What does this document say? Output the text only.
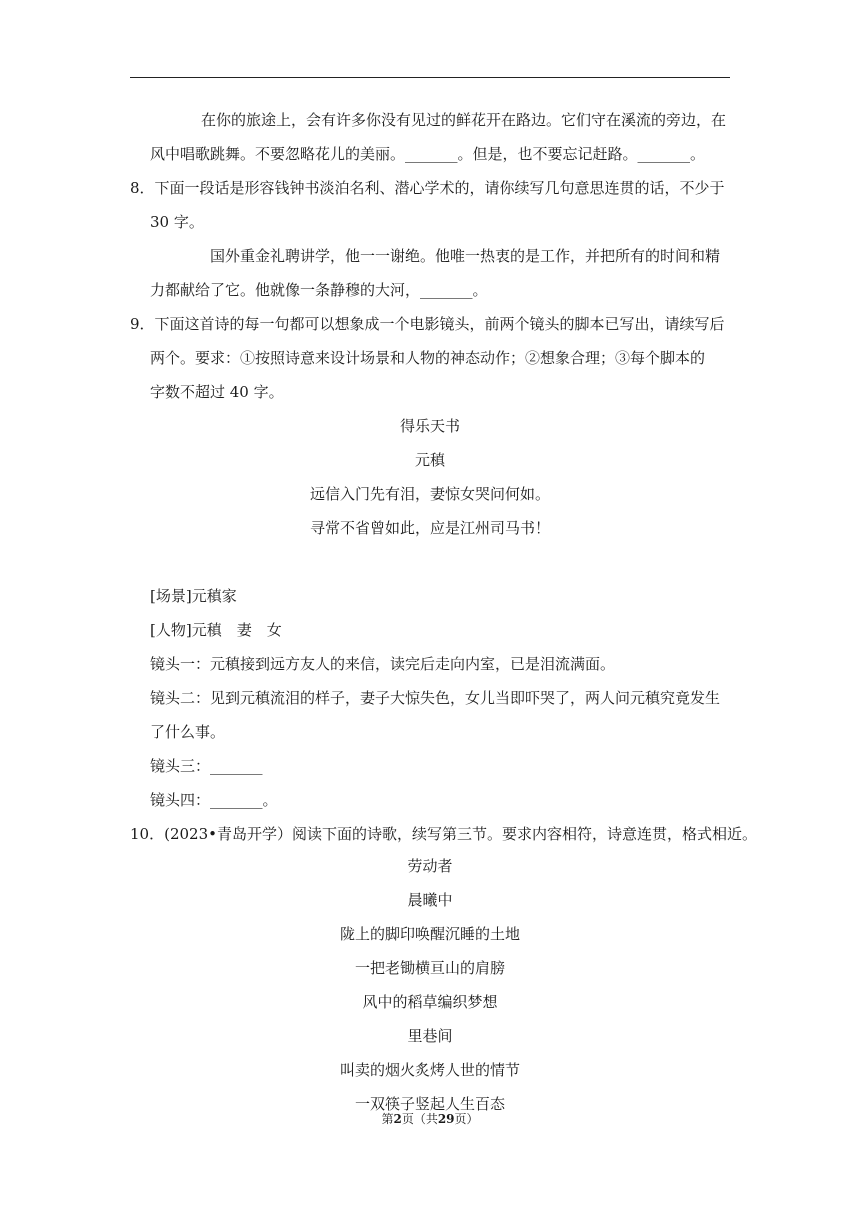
在你的旅途上，会有许多你没有见过的鲜花开在路边。它们守在溪流的旁边，在
风中唱歌跳舞。不要忽略花儿的美丽。_______。但是，也不要忘记赶路。_______。
8．下面一段话是形容钱钟书淡泊名利、潜心学术的，请你续写几句意思连贯的话，不少于
30 字。
国外重金礼聘讲学，他一一谢绝。他唯一热衷的是工作，并把所有的时间和精
力都献给了它。他就像一条静穆的大河，_______。
9．下面这首诗的每一句都可以想象成一个电影镜头，前两个镜头的脚本已写出，请续写后
两个。要求：①按照诗意来设计场景和人物的神态动作；②想象合理；③每个脚本的
字数不超过 40 字。
得乐天书
元稹
远信入门先有泪，妻惊女哭问何如。
寻常不省曾如此，应是江州司马书！
[场景]元稹家
[人物]元稹　妻　女
镜头一：元稹接到远方友人的来信，读完后走向内室，已是泪流满面。
镜头二：见到元稹流泪的样子，妻子大惊失色，女儿当即吓哭了，两人问元稹究竟发生
了什么事。
镜头三：_______
镜头四：_______。
10．(2023•青岛开学）阅读下面的诗歌，续写第三节。要求内容相符，诗意连贯，格式相近。
劳动者
晨曦中
陇上的脚印唤醒沉睡的土地
一把老锄横亘山的肩膀
风中的稻草编织梦想
里巷间
叫卖的烟火炙烤人世的情节
一双筷子竖起人生百态
第2页（共29页）
